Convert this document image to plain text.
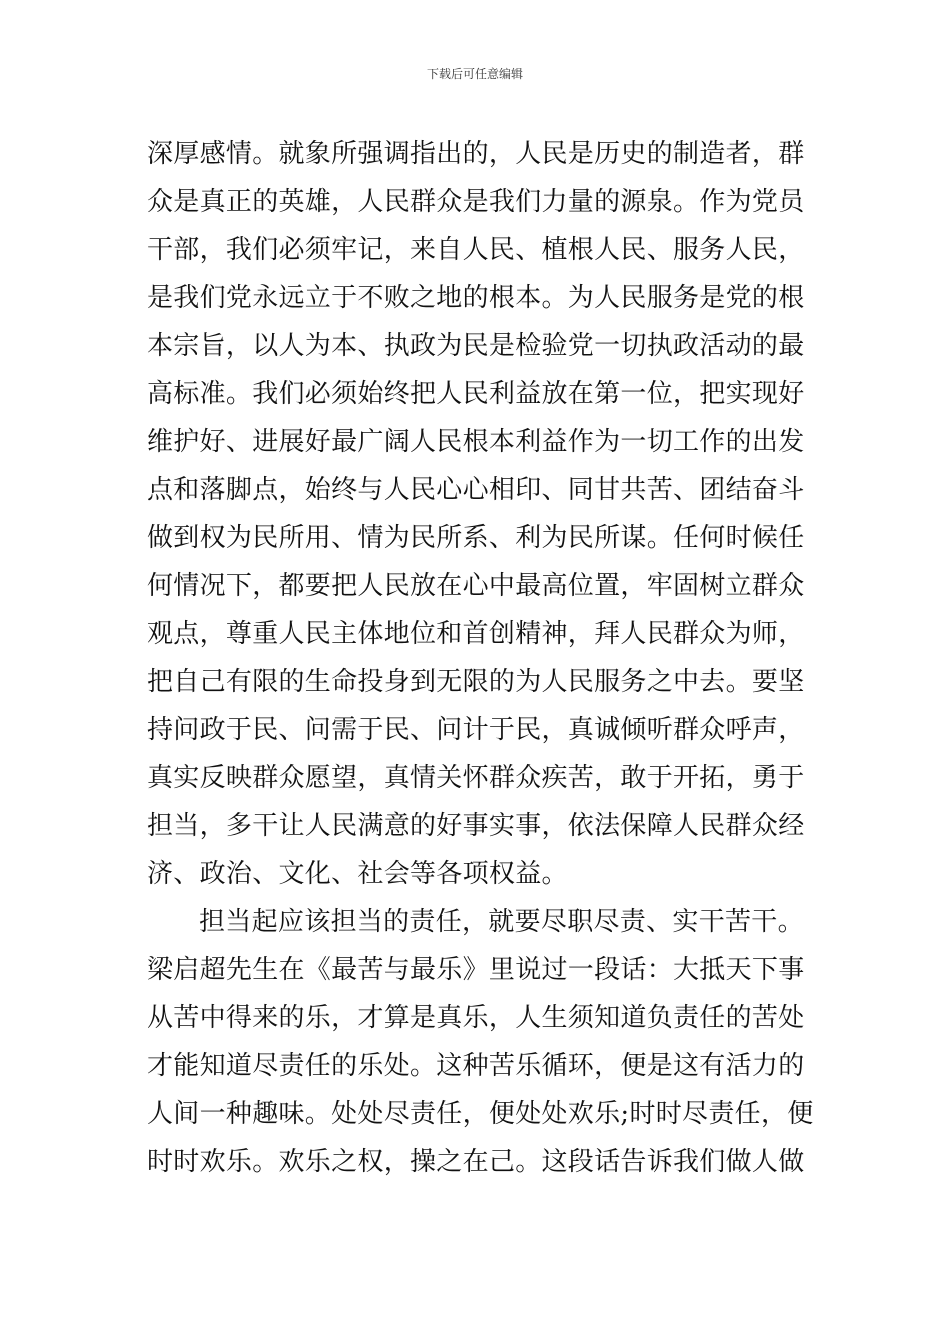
下载后可任意编辑
深厚感情。就象所强调指出的，人民是历史的制造者，群
众是真正的英雄，人民群众是我们力量的源泉。作为党员
干部，我们必须牢记，来自人民、植根人民、服务人民，
是我们党永远立于不败之地的根本。为人民服务是党的根
本宗旨，以人为本、执政为民是检验党一切执政活动的最
高标准。我们必须始终把人民利益放在第一位，把实现好
维护好、进展好最广阔人民根本利益作为一切工作的出发
点和落脚点，始终与人民心心相印、同甘共苦、团结奋斗
做到权为民所用、情为民所系、利为民所谋。任何时候任
何情况下，都要把人民放在心中最高位置，牢固树立群众
观点，尊重人民主体地位和首创精神，拜人民群众为师，
把自己有限的生命投身到无限的为人民服务之中去。要坚
持问政于民、问需于民、问计于民，真诚倾听群众呼声，
真实反映群众愿望，真情关怀群众疾苦，敢于开拓，勇于
担当，多干让人民满意的好事实事，依法保障人民群众经
济、政治、文化、社会等各项权益。
担当起应该担当的责任，就要尽职尽责、实干苦干。
梁启超先生在《最苦与最乐》里说过一段话：大抵天下事
从苦中得来的乐，才算是真乐，人生须知道负责任的苦处
才能知道尽责任的乐处。这种苦乐循环，便是这有活力的
人间一种趣味。处处尽责任，便处处欢乐;时时尽责任，便
时时欢乐。欢乐之权，操之在己。这段话告诉我们做人做
